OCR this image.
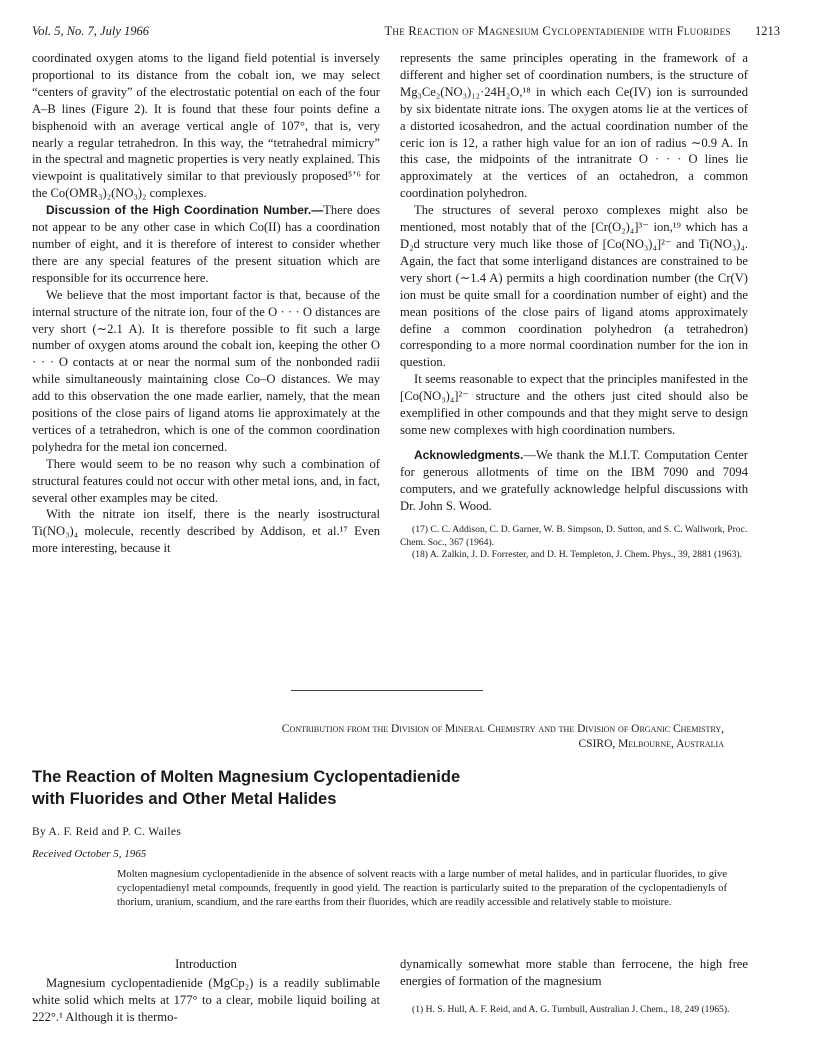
Vol. 5, No. 7, July 1966	The Reaction of Magnesium Cyclopentadienide with Fluorides 1213

coordinated oxygen atoms to the ligand field potential is inversely proportional to its distance from the cobalt ion, we may select “centers of gravity” of the electrostatic potential on each of the four A–B lines (Figure 2). It is found that these four points define a bisphenoid with an average vertical angle of 107°, that is, very nearly a regular tetrahedron. In this way, the “tetrahedral mimicry” in the spectral and magnetic properties is very neatly explained. This viewpoint is qualitatively similar to that previously proposed⁵’⁶ for the Co(OMR₃)₂(NO₃)₂ complexes.

Discussion of the High Coordination Number.—There does not appear to be any other case in which Co(II) has a coordination number of eight, and it is therefore of interest to consider whether there are any special features of the present situation which are responsible for its occurrence here.

We believe that the most important factor is that, because of the internal structure of the nitrate ion, four of the O · · · O distances are very short (∼2.1 A). It is therefore possible to fit such a large number of oxygen atoms around the cobalt ion, keeping the other O · · · O contacts at or near the normal sum of the nonbonded radii while simultaneously maintaining close Co–O distances. We may add to this observation the one made earlier, namely, that the mean positions of the close pairs of ligand atoms lie approximately at the vertices of a tetrahedron, which is one of the common coordination polyhedra for the metal ion concerned.

There would seem to be no reason why such a combination of structural features could not occur with other metal ions, and, in fact, several other examples may be cited.

With the nitrate ion itself, there is the nearly isostructural Ti(NO₃)₄ molecule, recently described by Addison, et al.¹⁷ Even more interesting, because it

represents the same principles operating in the framework of a different and higher set of coordination numbers, is the structure of Mg₃Ce₂(NO₃)₁₂·24H₂O,¹⁸ in which each Ce(IV) ion is surrounded by six bidentate nitrate ions. The oxygen atoms lie at the vertices of a distorted icosahedron, and the actual coordination number of the ceric ion is 12, a rather high value for an ion of radius ∼0.9 A. In this case, the midpoints of the intranitrate O · · · O lines lie approximately at the vertices of an octahedron, a common coordination polyhedron.

The structures of several peroxo complexes might also be mentioned, most notably that of the [Cr(O₂)₄]³⁻ ion,¹⁹ which has a D₂d structure very much like those of [Co(NO₃)₄]²⁻ and Ti(NO₃)₄. Again, the fact that some interligand distances are constrained to be very short (∼1.4 A) permits a high coordination number (the Cr(V) ion must be quite small for a coordination number of eight) and the mean positions of the close pairs of ligand atoms approximately define a common coordination polyhedron (a tetrahedron) corresponding to a more normal coordination number for the ion in question.

It seems reasonable to expect that the principles manifested in the [Co(NO₃)₄]²⁻ structure and the others just cited should also be exemplified in other compounds and that they might serve to design some new complexes with high coordination numbers.

Acknowledgments.—We thank the M.I.T. Computation Center for generous allotments of time on the IBM 7090 and 7094 computers, and we gratefully acknowledge helpful discussions with Dr. John S. Wood.

(17) C. C. Addison, C. D. Garner, W. B. Simpson, D. Sutton, and S. C. Wallwork, Proc. Chem. Soc., 367 (1964).
(18) A. Zalkin, J. D. Forrester, and D. H. Templeton, J. Chem. Phys., 39, 2881 (1963).
Contribution from the Division of Mineral Chemistry and the Division of Organic Chemistry,
CSIRO, Melbourne, Australia
The Reaction of Molten Magnesium Cyclopentadienide
with Fluorides and Other Metal Halides
By A. F. Reid and P. C. Wailes
Received October 5, 1965
Molten magnesium cyclopentadienide in the absence of solvent reacts with a large number of metal halides, and in particular fluorides, to give cyclopentadienyl metal compounds, frequently in good yield. The reaction is particularly suited to the preparation of the cyclopentadienyls of thorium, uranium, scandium, and the rare earths from their fluorides, which are readily accessible and relatively stable to moisture.
Introduction

Magnesium cyclopentadienide (MgCp₂) is a readily sublimable white solid which melts at 177° to a clear, mobile liquid boiling at 222°.¹ Although it is thermo-

dynamically somewhat more stable than ferrocene, the high free energies of formation of the magnesium

(1) H. S. Hull, A. F. Reid, and A. G. Turnbull, Australian J. Chem., 18, 249 (1965).
